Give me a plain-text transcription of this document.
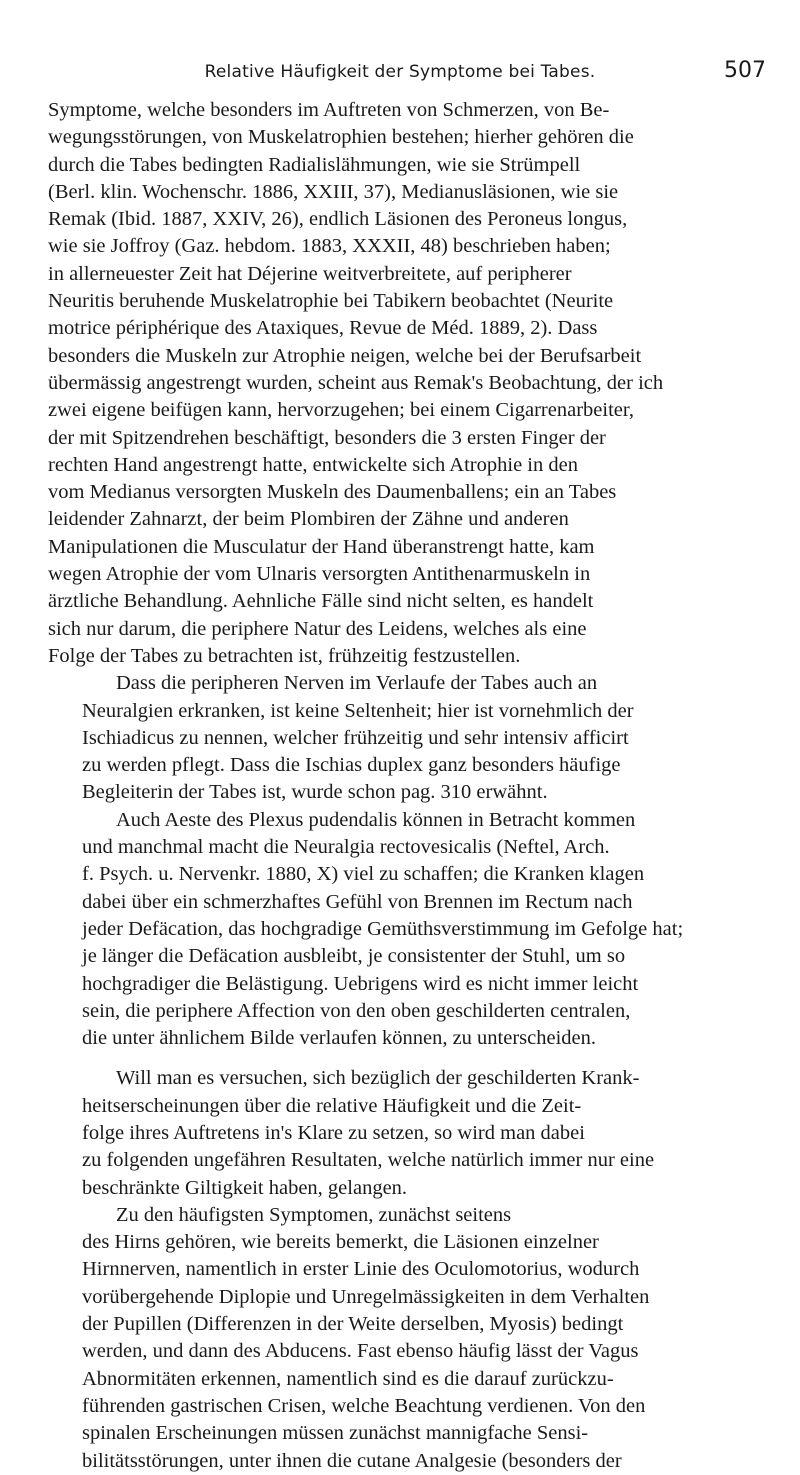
Relative Häufigkeit der Symptome bei Tabes.	507

Symptome, welche besonders im Auftreten von Schmerzen, von Be-
wegungsstörungen, von Muskelatrophien bestehen; hierher gehören die
durch die Tabes bedingten Radialislähmungen, wie sie Strümpell
(Berl. klin. Wochenschr. 1886, XXIII, 37), Medianusläsionen, wie sie
Remak (Ibid. 1887, XXIV, 26), endlich Läsionen des Peroneus longus,
wie sie Joffroy (Gaz. hebdom. 1883, XXXII, 48) beschrieben haben;
in allerneuester Zeit hat Déjerine weitverbreitete, auf peripherer
Neuritis beruhende Muskelatrophie bei Tabikern beobachtet (Neurite
motrice périphérique des Ataxiques, Revue de Méd. 1889, 2). Dass
besonders die Muskeln zur Atrophie neigen, welche bei der Berufsarbeit
übermässig angestrengt wurden, scheint aus Remak's Beobachtung, der ich
zwei eigene beifügen kann, hervorzugehen; bei einem Cigarrenarbeiter,
der mit Spitzendrehen beschäftigt, besonders die 3 ersten Finger der
rechten Hand angestrengt hatte, entwickelte sich Atrophie in den
vom Medianus versorgten Muskeln des Daumenballens; ein an Tabes
leidender Zahnarzt, der beim Plombiren der Zähne und anderen
Manipulationen die Musculatur der Hand überanstrengt hatte, kam
wegen Atrophie der vom Ulnaris versorgten Antithenarmuskeln in
ärztliche Behandlung. Aehnliche Fälle sind nicht selten, es handelt
sich nur darum, die periphere Natur des Leidens, welches als eine
Folge der Tabes zu betrachten ist, frühzeitig festzustellen.

Dass die peripheren Nerven im Verlaufe der Tabes auch an
Neuralgien erkranken, ist keine Seltenheit; hier ist vornehmlich der
Ischiadicus zu nennen, welcher frühzeitig und sehr intensiv afficirt
zu werden pflegt. Dass die Ischias duplex ganz besonders häufige
Begleiterin der Tabes ist, wurde schon pag. 310 erwähnt.

Auch Aeste des Plexus pudendalis können in Betracht kommen
und manchmal macht die Neuralgia rectovesicalis (Neftel, Arch.
f. Psych. u. Nervenkr. 1880, X) viel zu schaffen; die Kranken klagen
dabei über ein schmerzhaftes Gefühl von Brennen im Rectum nach
jeder Defäcation, das hochgradige Gemüthsverstimmung im Gefolge hat;
je länger die Defäcation ausbleibt, je consistenter der Stuhl, um so
hochgradiger die Belästigung. Uebrigens wird es nicht immer leicht
sein, die periphere Affection von den oben geschilderten centralen,
die unter ähnlichem Bilde verlaufen können, zu unterscheiden.

Will man es versuchen, sich bezüglich der geschilderten Krank-
heitserscheinungen über die relative Häufigkeit und die Zeit-
folge ihres Auftretens in's Klare zu setzen, so wird man dabei
zu folgenden ungefähren Resultaten, welche natürlich immer nur eine
beschränkte Giltigkeit haben, gelangen.

Zu den häufigsten Symptomen, zunächst seitens
des Hirns gehören, wie bereits bemerkt, die Läsionen einzelner
Hirnnerven, namentlich in erster Linie des Oculomotorius, wodurch
vorübergehende Diplopie und Unregelmässigkeiten in dem Verhalten
der Pupillen (Differenzen in der Weite derselben, Myosis) bedingt
werden, und dann des Abducens. Fast ebenso häufig lässt der Vagus
Abnormitäten erkennen, namentlich sind es die darauf zurückzu-
führenden gastrischen Crisen, welche Beachtung verdienen. Von den
spinalen Erscheinungen müssen zunächst mannigfache Sensi-
bilitätsstörungen, unter ihnen die cutane Analgesie (besonders der
